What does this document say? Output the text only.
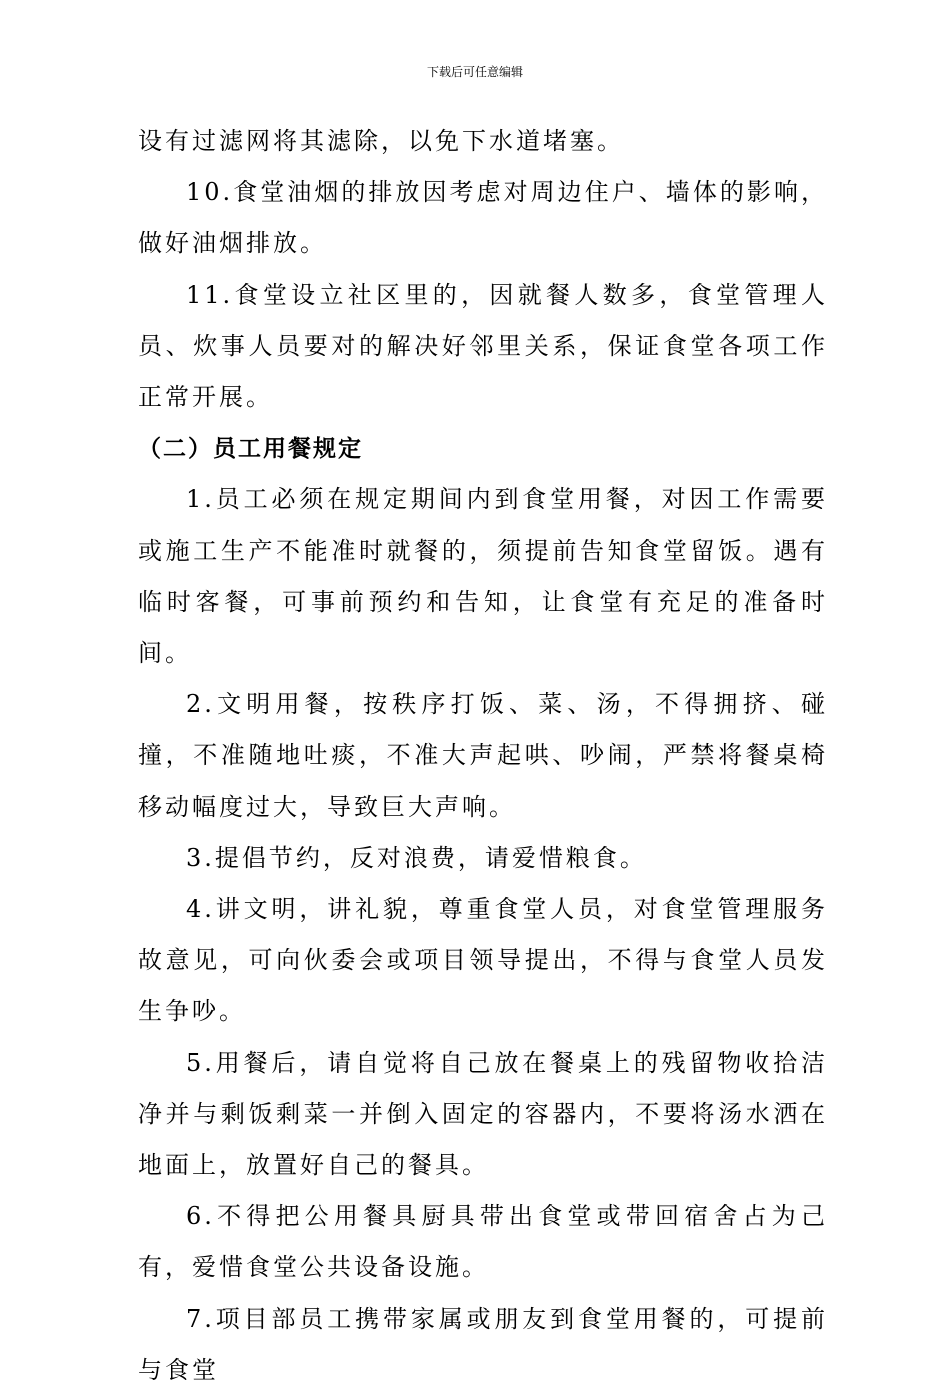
下载后可任意编辑

设有过滤网将其滤除，以免下水道堵塞。

10.食堂油烟的排放因考虑对周边住户、墙体的影响，做好油烟排放。

11.食堂设立社区里的，因就餐人数多，食堂管理人员、炊事人员要对的解决好邻里关系，保证食堂各项工作正常开展。

（二）员工用餐规定

1.员工必须在规定期间内到食堂用餐，对因工作需要或施工生产不能准时就餐的，须提前告知食堂留饭。遇有临时客餐，可事前预约和告知，让食堂有充足的准备时间。

2.文明用餐，按秩序打饭、菜、汤，不得拥挤、碰撞，不准随地吐痰，不准大声起哄、吵闹，严禁将餐桌椅移动幅度过大，导致巨大声响。

3.提倡节约，反对浪费，请爱惜粮食。

4.讲文明，讲礼貌，尊重食堂人员，对食堂管理服务故意见，可向伙委会或项目领导提出，不得与食堂人员发生争吵。

5.用餐后，请自觉将自己放在餐桌上的残留物收拾洁净并与剩饭剩菜一并倒入固定的容器内，不要将汤水洒在地面上，放置好自己的餐具。

6.不得把公用餐具厨具带出食堂或带回宿舍占为己有，爱惜食堂公共设备设施。

7.项目部员工携带家属或朋友到食堂用餐的，可提前与食堂
